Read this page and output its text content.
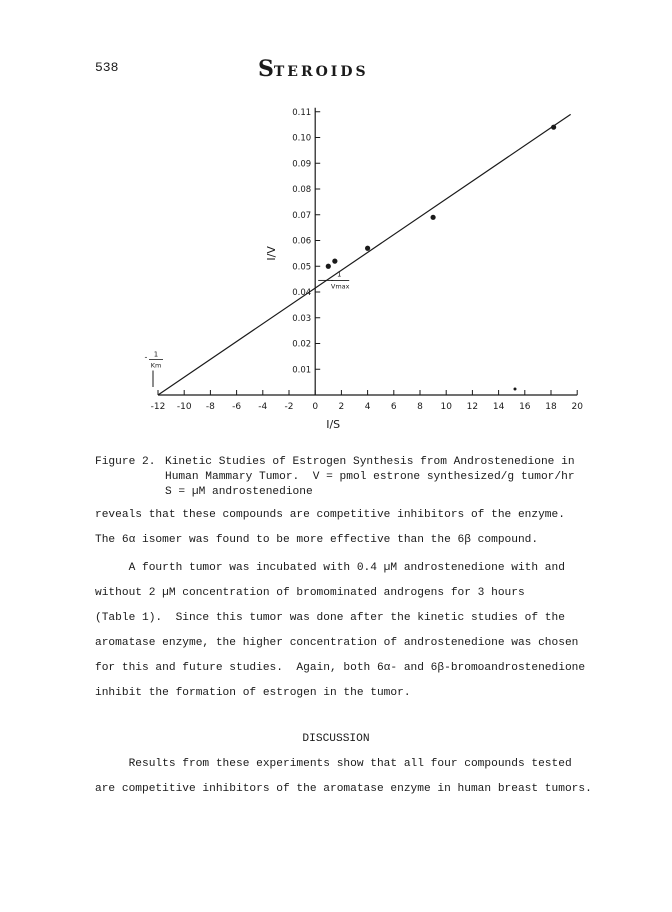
538	STEROIDS
-12 -10 -8 -6 -4 -2 0 2 4 6 8 10 12 14 16 18 20
0.01
0.02
0.03
0.04
0.05
0.06
0.07
0.08
0.09
0.10
0.11
I/S
I/V
1
Vmax
- 1
Km
Figure 2. Kinetic Studies of Estrogen Synthesis from Androstenedione in
Human Mammary Tumor.  V = pmol estrone synthesized/g tumor/hr
S = µM androstenedione
reveals that these compounds are competitive inhibitors of the enzyme.
The 6α isomer was found to be more effective than the 6β compound.
A fourth tumor was incubated with 0.4 µM androstenedione with and
without 2 µM concentration of bromominated androgens for 3 hours
(Table 1).  Since this tumor was done after the kinetic studies of the
aromatase enzyme, the higher concentration of androstenedione was chosen
for this and future studies.  Again, both 6α- and 6β-bromoandrostenedione
inhibit the formation of estrogen in the tumor.
DISCUSSION
Results from these experiments show that all four compounds tested
are competitive inhibitors of the aromatase enzyme in human breast tumors.
